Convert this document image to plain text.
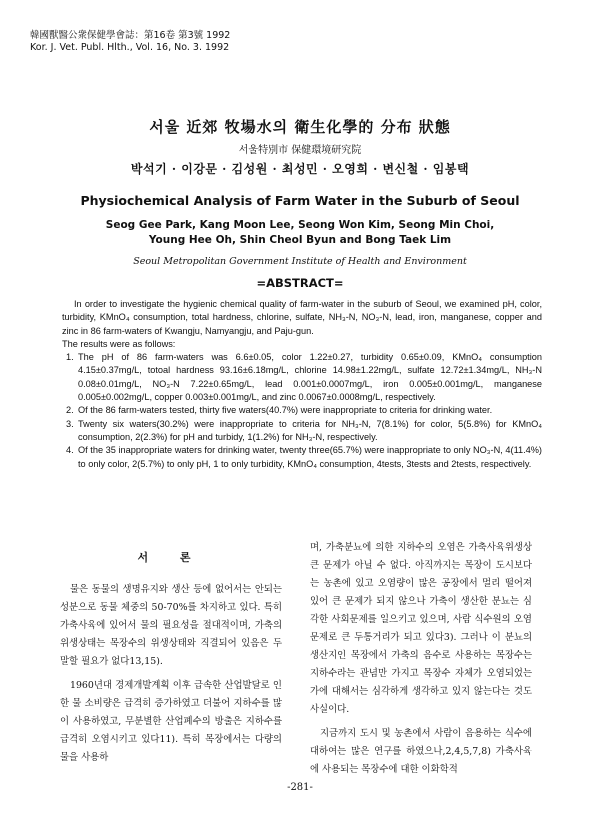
韓國獸醫公衆保健學會誌：第16卷 第3號 1992
Kor. J. Vet. Publ. Hlth., Vol. 16, No. 3. 1992
서울 近郊 牧場水의 衛生化學的 分布 狀態
서울特別市 保健環境研究院
박석기 · 이강문 · 김성원 · 최성민 · 오영희 · 변신철 · 임봉택
Physiochemical Analysis of Farm Water in the Suburb of Seoul
Seog Gee Park, Kang Moon Lee, Seong Won Kim, Seong Min Choi,
Young Hee Oh, Shin Cheol Byun and Bong Taek Lim
Seoul Metropolitan Government Institute of Health and Environment
=ABSTRACT=

In order to investigate the hygienic chemical quality of farm-water in the suburb of Seoul, we examined pH, color, turbidity, KMnO₄ consumption, total hardness, chlorine, sulfate, NH₃-N, NO₃-N, lead, iron, manganese, copper and zinc in 86 farm-waters of Kwangju, Namyangju, and Paju-gun.

The results were as follows:

1. The pH of 86 farm-waters was 6.6±0.05, color 1.22±0.27, turbidity 0.65±0.09, KMnO₄ consumption 4.15±0.37mg/L, totoal hardness 93.16±6.18mg/L, chlorine 14.98±1.22mg/L, sulfate 12.72±1.34mg/L, NH₃-N 0.08±0.01mg/L, NO₃-N 7.22±0.65mg/L, lead 0.001±0.0007mg/L, iron 0.005±0.001mg/L, manganese 0.005±0.002mg/L, copper 0.003±0.001mg/L, and zinc 0.0067±0.0008mg/L, respectively.
2. Of the 86 farm-waters tested, thirty five waters(40.7%) were inappropriate to criteria for drinking water.
3. Twenty six waters(30.2%) were inappropriate to criteria for NH₃-N, 7(8.1%) for color, 5(5.8%) for KMnO₄ consumption, 2(2.3%) for pH and turbidy, 1(1.2%) for NH₃-N, respectively.
4. Of the 35 inappropriate waters for drinking water, twenty three(65.7%) were inappropriate to only NO₃-N, 4(11.4%) to only color, 2(5.7%) to only pH, 1 to only turbidity, KMnO₄ consumption, 4tests, 3tests and 2tests, respectively.
서 론

물은 동물의 생명유지와 생산 등에 없어서는 안되는 성분으로 동물 체중의 50-70%를 차지하고 있다. 특히 가축사육에 있어서 물의 필요성을 절대적이며, 가축의 위생상태는 목장수의 위생상태와 직결되어 있음은 두말할 필요가 없다13,15).

1960년대 경제개발계획 이후 급속한 산업발달로 인한 물 소비량은 급격히 증가하였고 더불어 지하수를 많이 사용하였고, 무분별한 산업폐수의 방출은 지하수를 급격히 오염시키고 있다11). 특히 목장에서는 다량의 물을 사용하

며, 가축분뇨에 의한 지하수의 오염은 가축사육위생상 큰 문제가 아닐 수 없다. 아직까지는 목장이 도시보다는 농촌에 있고 오염량이 많은 공장에서 멀리 떨어져 있어 큰 문제가 되지 않으나 가축이 생산한 분뇨는 심각한 사회문제를 일으키고 있으며, 사람 식수원의 오염문제로 큰 두통거리가 되고 있다3). 그러나 이 분뇨의 생산지인 목장에서 가축의 음수로 사용하는 목장수는 지하수라는 관념만 가지고 목장수 자체가 오염되었는가에 대해서는 심각하게 생각하고 있지 않는다는 것도 사실이다.

지금까지 도시 및 농촌에서 사람이 음용하는 식수에 대하여는 많은 연구를 하였으나,2,4,5,7,8) 가축사육에 사용되는 목장수에 대한 이화학적

-281-
